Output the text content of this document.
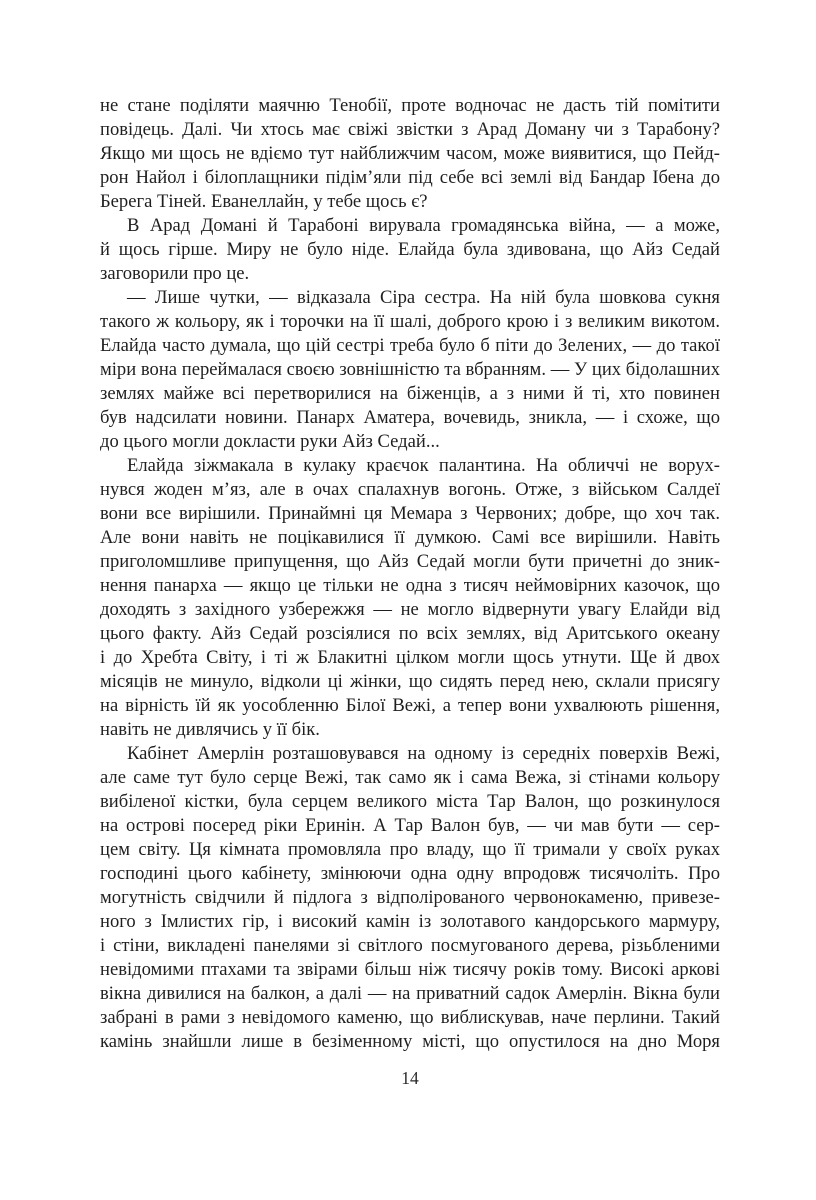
не стане поділяти маячню Тенобії, проте водночас не дасть тій помітити
повідець. Далі. Чи хтось має свіжі звістки з Арад Доману чи з Тарабону?
Якщо ми щось не вдіємо тут найближчим часом, може виявитися, що Пейд-
рон Найол і білоплащники підім’яли під себе всі землі від Бандар Ібена до
Берега Тіней. Еванеллайн, у тебе щось є?
В Арад Домані й Тарабоні вирувала громадянська війна, — а може,
й щось гірше. Миру не було ніде. Елайда була здивована, що Айз Седай
заговорили про це.
— Лише чутки, — відказала Сіра сестра. На ній була шовкова сукня
такого ж кольору, як і торочки на її шалі, доброго крою і з великим викотом.
Елайда часто думала, що цій сестрі треба було б піти до Зелених, — до такої
міри вона переймалася своєю зовнішністю та вбранням. — У цих бідолашних
землях майже всі перетворилися на біженців, а з ними й ті, хто повинен
був надсилати новини. Панарх Аматера, вочевидь, зникла, — і схоже, що
до цього могли докласти руки Айз Седай...
Елайда зіжмакала в кулаку краєчок палантина. На обличчі не ворух-
нувся жоден м’яз, але в очах спалахнув вогонь. Отже, з військом Салдеї
вони все вирішили. Принаймні ця Мемара з Червоних; добре, що хоч так.
Але вони навіть не поцікавилися її думкою. Самі все вирішили. Навіть
приголомшливе припущення, що Айз Седай могли бути причетні до зник-
нення панарха — якщо це тільки не одна з тисяч неймовірних казочок, що
доходять з західного узбережжя — не могло відвернути увагу Елайди від
цього факту. Айз Седай розсіялися по всіх землях, від Аритського океану
і до Хребта Світу, і ті ж Блакитні цілком могли щось утнути. Ще й двох
місяців не минуло, відколи ці жінки, що сидять перед нею, склали присягу
на вірність їй як уособленню Білої Вежі, а тепер вони ухвалюють рішення,
навіть не дивлячись у її бік.
Кабінет Амерлін розташовувався на одному із середніх поверхів Вежі,
але саме тут було серце Вежі, так само як і сама Вежа, зі стінами кольору
вибіленої кістки, була серцем великого міста Тар Валон, що розкинулося
на острові посеред ріки Еринін. А Тар Валон був, — чи мав бути — сер-
цем світу. Ця кімната промовляла про владу, що її тримали у своїх руках
господині цього кабінету, змінюючи одна одну впродовж тисячоліть. Про
могутність свідчили й підлога з відполірованого червонокаменю, привезе-
ного з Імлистих гір, і високий камін із золотавого кандорського мармуру,
і стіни, викладені панелями зі світлого посмугованого дерева, різьбленими
невідомими птахами та звірами більш ніж тисячу років тому. Високі аркові
вікна дивилися на балкон, а далі — на приватний садок Амерлін. Вікна були
забрані в рами з невідомого каменю, що виблискував, наче перлини. Такий
камінь знайшли лише в безіменному місті, що опустилося на дно Моря
14
